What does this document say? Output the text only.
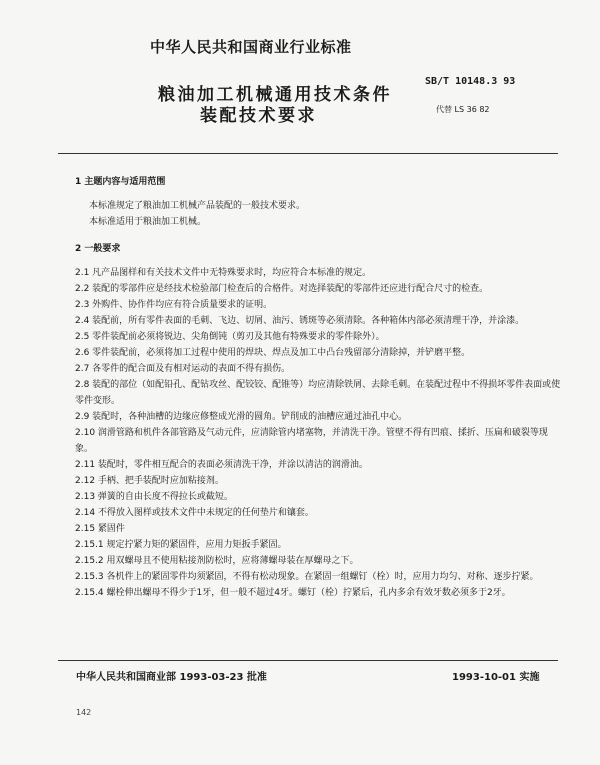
中华人民共和国商业行业标准
粮油加工机械通用技术条件
装配技术要求
SB/T 10148.3 93
代替 LS 36 82

1 主题内容与适用范围

本标准规定了粮油加工机械产品装配的一般技术要求。

本标准适用于粮油加工机械。

2 一般要求

2.1 凡产品图样和有关技术文件中无特殊要求时，均应符合本标准的规定。

2.2 装配的零部件应是经技术检验部门检查后的合格件。对选择装配的零部件还应进行配合尺寸的检查。

2.3 外购件、协作件均应有符合质量要求的证明。

2.4 装配前，所有零件表面的毛刺、飞边、切屑、油污、锈斑等必须清除。各种箱体内部必须清理干净，并涂漆。

2.5 零件装配前必须将锐边、尖角倒钝（剪刃及其他有特殊要求的零件除外）。

2.6 零件装配前，必须将加工过程中使用的焊块、焊点及加工中凸台残留部分清除掉，并铲磨平整。

2.7 各零件的配合面及有相对运动的表面不得有损伤。

2.8 装配的部位（如配铅孔、配钻攻丝、配铰铰、配锥等）均应清除铁屑、去除毛刺。在装配过程中不得损坏零件表面或使零件变形。

2.9 装配时，各种油槽的边缘应修整成光滑的圆角。铲削成的油槽应通过油孔中心。

2.10 润滑管路和机件各部管路及气动元件，应清除管内堵塞物，并清洗干净。管壁不得有凹痕、揉折、压扁和破裂等现象。

2.11 装配时，零件相互配合的表面必须清洗干净，并涂以清洁的润滑油。

2.12 手柄、把手装配时应加粘接剂。

2.13 弹簧的自由长度不得拉长或截短。

2.14 不得放入图样或技术文件中未规定的任何垫片和镶套。

2.15 紧固件

2.15.1 规定拧紧力矩的紧固件，应用力矩扳手紧固。

2.15.2 用双螺母且不使用粘接剂防松时，应将薄螺母装在厚螺母之下。

2.15.3 各机件上的紧固零件均须紧固，不得有松动现象。在紧固一组螺钉（栓）时，应用力均匀、对称、逐步拧紧。

2.15.4 螺栓伸出螺母不得少于1牙，但一般不超过4牙。螺钉（栓）拧紧后，孔内多余有效牙数必须多于2牙。

中华人民共和国商业部 1993-03-23 批准	1993-10-01 实施
142
